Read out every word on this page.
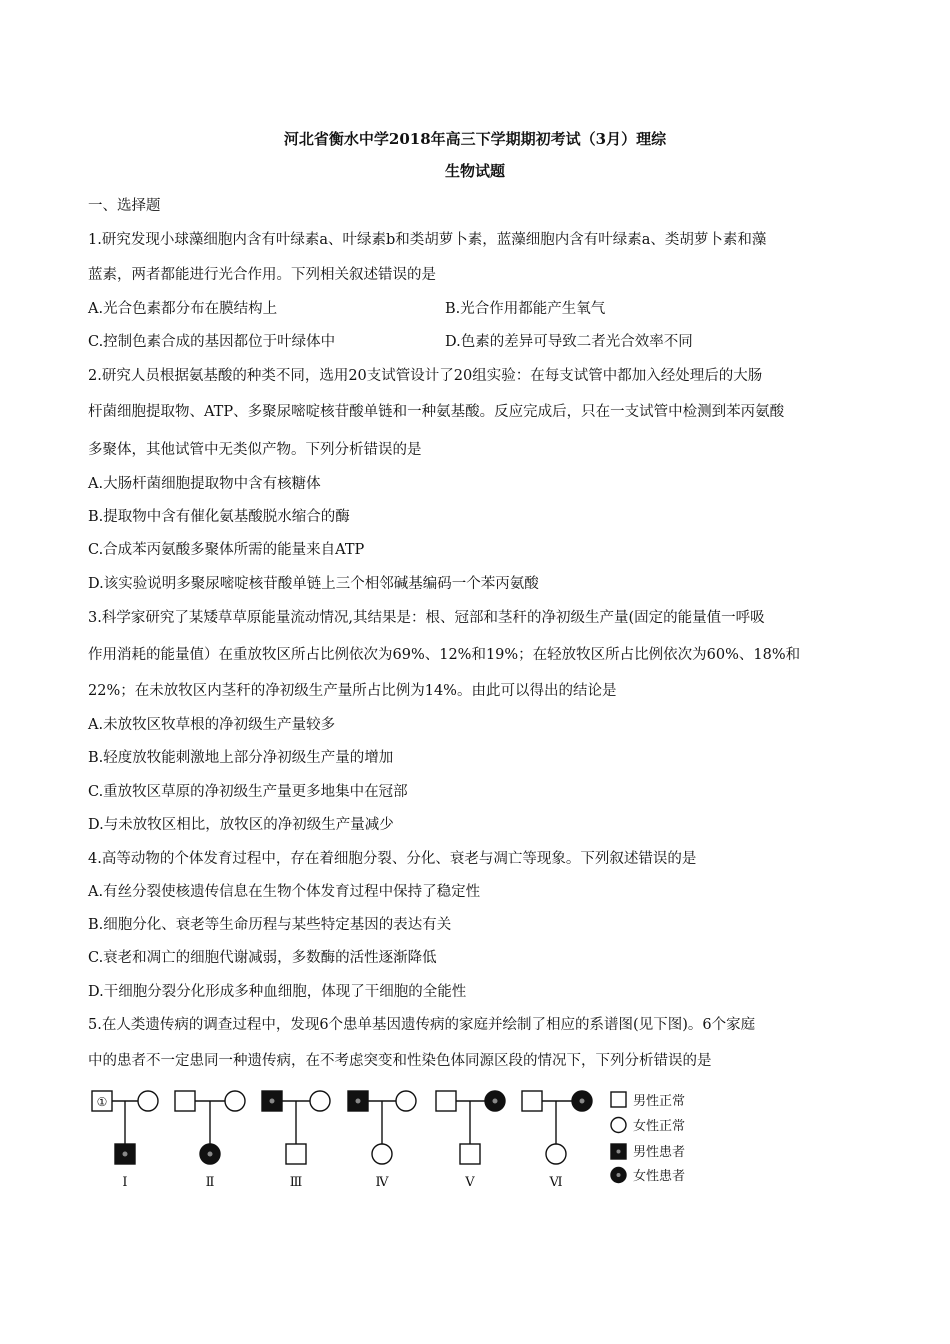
河北省衡水中学2018年高三下学期期初考试（3月）理综
生物试题
一、选择题
1.研究发现小球藻细胞内含有叶绿素a、叶绿素b和类胡萝卜素，蓝藻细胞内含有叶绿素a、类胡萝卜素和藻
蓝素，两者都能进行光合作用。下列相关叙述错误的是
A.光合色素都分布在膜结构上	B.光合作用都能产生氧气
C.控制色素合成的基因都位于叶绿体中	D.色素的差异可导致二者光合效率不同
2.研究人员根据氨基酸的种类不同，选用20支试管设计了20组实验：在每支试管中都加入经处理后的大肠
杆菌细胞提取物、ATP、多聚尿嘧啶核苷酸单链和一种氨基酸。反应完成后，只在一支试管中检测到苯丙氨酸
多聚体，其他试管中无类似产物。下列分析错误的是
A.大肠杆菌细胞提取物中含有核糖体
B.提取物中含有催化氨基酸脱水缩合的酶
C.合成苯丙氨酸多聚体所需的能量来自ATP
D.该实验说明多聚尿嘧啶核苷酸单链上三个相邻碱基编码一个苯丙氨酸
3.科学家研究了某矮草草原能量流动情况,其结果是：根、冠部和茎秆的净初级生产量(固定的能量值一呼吸
作用消耗的能量值）在重放牧区所占比例依次为69%、12%和19%；在轻放牧区所占比例依次为60%、18%和
22%；在未放牧区内茎秆的净初级生产量所占比例为14%。由此可以得出的结论是
A.未放牧区牧草根的净初级生产量较多
B.轻度放牧能刺激地上部分净初级生产量的增加
C.重放牧区草原的净初级生产量更多地集中在冠部
D.与未放牧区相比，放牧区的净初级生产量减少
4.高等动物的个体发育过程中，存在着细胞分裂、分化、衰老与凋亡等现象。下列叙述错误的是
A.有丝分裂使核遗传信息在生物个体发育过程中保持了稳定性
B.细胞分化、衰老等生命历程与某些特定基因的表达有关
C.衰老和凋亡的细胞代谢减弱，多数酶的活性逐渐降低
D.干细胞分裂分化形成多种血细胞，体现了干细胞的全能性
5.在人类遗传病的调查过程中，发现6个患单基因遗传病的家庭并绘制了相应的系谱图(见下图)。6个家庭
中的患者不一定患同一种遗传病，在不考虑突变和性染色体同源区段的情况下，下列分析错误的是
①
Ⅰ	Ⅱ	Ⅲ	Ⅳ	Ⅴ	Ⅵ
男性正常
女性正常
男性患者
女性患者
